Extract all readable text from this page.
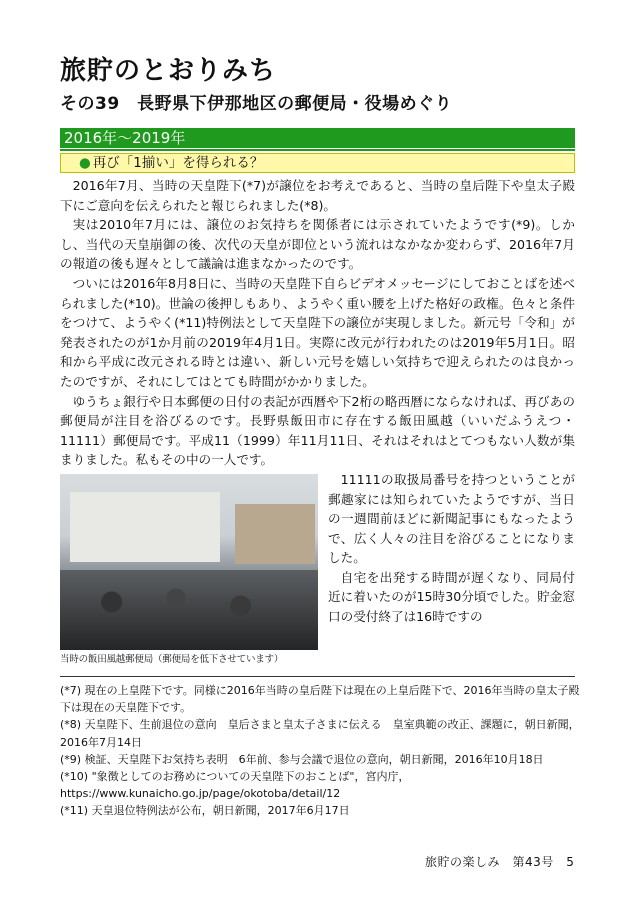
旅貯のとおりみち
その39　長野県下伊那地区の郵便局・役場めぐり
2016年～2019年
● 再び「1揃い」を得られる？

2016年7月、当時の天皇陛下(*7)が譲位をお考えであると、当時の皇后陛下や皇太子殿下にご意向を伝えられたと報じられました(*8)。

実は2010年7月には、譲位のお気持ちを関係者には示されていたようです(*9)。しかし、当代の天皇崩御の後、次代の天皇が即位という流れはなかなか変わらず、2016年7月の報道の後も遅々として議論は進まなかったのです。

ついには2016年8月8日に、当時の天皇陛下自らビデオメッセージにしておことばを述べられました(*10)。世論の後押しもあり、ようやく重い腰を上げた格好の政権。色々と条件をつけて、ようやく(*11)特例法として天皇陛下の譲位が実現しました。新元号「令和」が発表されたのが1か月前の2019年4月1日。実際に改元が行われたのは2019年5月1日。昭和から平成に改元される時とは違い、新しい元号を嬉しい気持ちで迎えられたのは良かったのですが、それにしてはとても時間がかかりました。

ゆうちょ銀行や日本郵便の日付の表記が西暦や下2桁の略西暦にならなければ、再びあの郵便局が注目を浴びるのです。長野県飯田市に存在する飯田風越（いいだふうえつ・11111）郵便局です。平成11（1999）年11月11日、それはそれはとてつもない人数が集まりました。私もその中の一人です。

当時の飯田風越郵便局（郵便局を低下させています）

11111の取扱局番号を持つということが郵趣家には知られていたようですが、当日の一週間前ほどに新聞記事にもなったようで、広く人々の注目を浴びることになりました。

自宅を出発する時間が遅くなり、同局付近に着いたのが15時30分頃でした。貯金窓口の受付終了は16時ですの

(*7) 現在の上皇陛下です。同様に2016年当時の皇后陛下は現在の上皇后陛下で、2016年当時の皇太子殿下は現在の天皇陛下です。

(*8) 天皇陛下、生前退位の意向　皇后さまと皇太子さまに伝える　皇室典範の改正、課題に，朝日新聞，2016年7月14日

(*9) 検証、天皇陛下お気持ち表明　6年前、参与会議で退位の意向，朝日新聞，2016年10月18日

(*10) "象徴としてのお務めについての天皇陛下のおことば"，宮内庁，https://www.kunaicho.go.jp/page/okotoba/detail/12

(*11) 天皇退位特例法が公布，朝日新聞，2017年6月17日

旅貯の楽しみ　第43号　5
